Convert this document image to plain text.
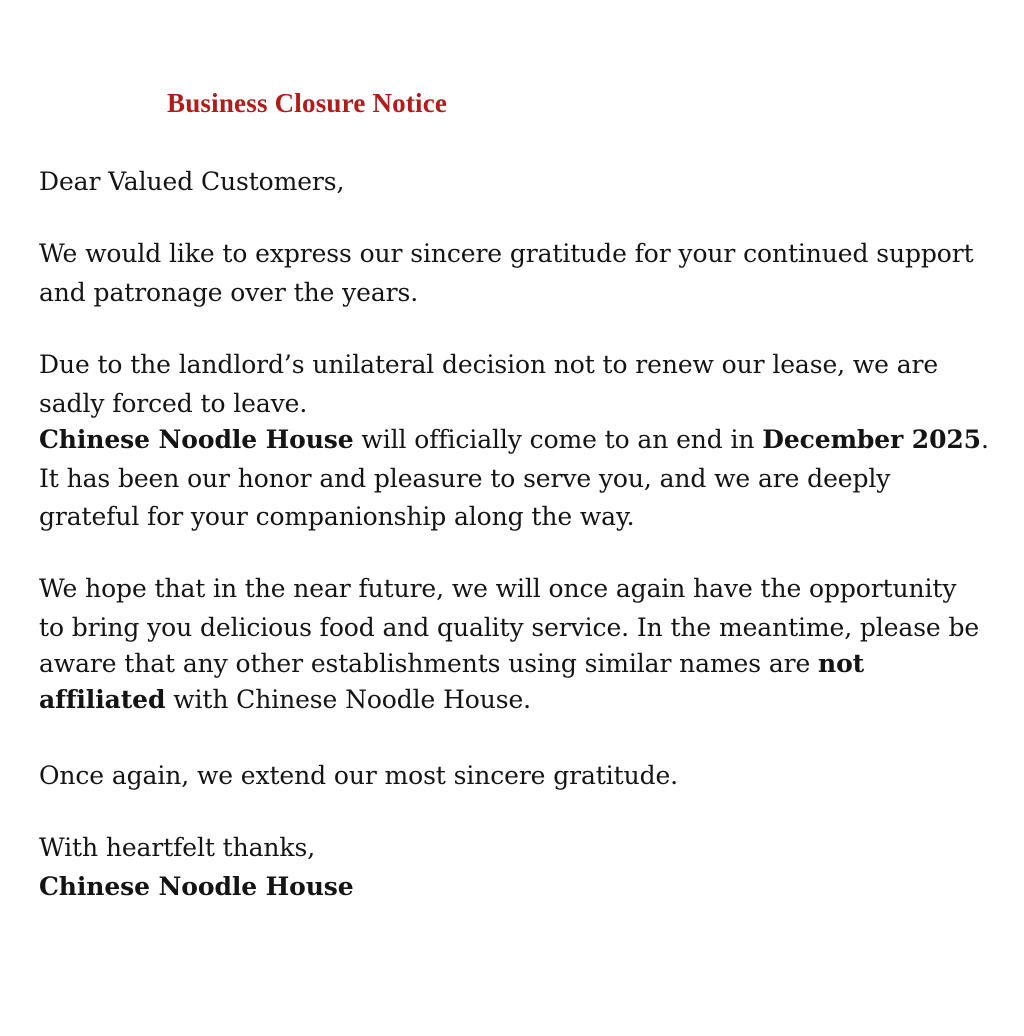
Business Closure Notice
Dear Valued Customers,
We would like to express our sincere gratitude for your continued support
and patronage over the years.
Due to the landlord’s unilateral decision not to renew our lease, we are
sadly forced to leave.
Chinese Noodle House will officially come to an end in December 2025.
It has been our honor and pleasure to serve you, and we are deeply
grateful for your companionship along the way.
We hope that in the near future, we will once again have the opportunity
to bring you delicious food and quality service. In the meantime, please be
aware that any other establishments using similar names are not
affiliated with Chinese Noodle House.
Once again, we extend our most sincere gratitude.
With heartfelt thanks,
Chinese Noodle House
